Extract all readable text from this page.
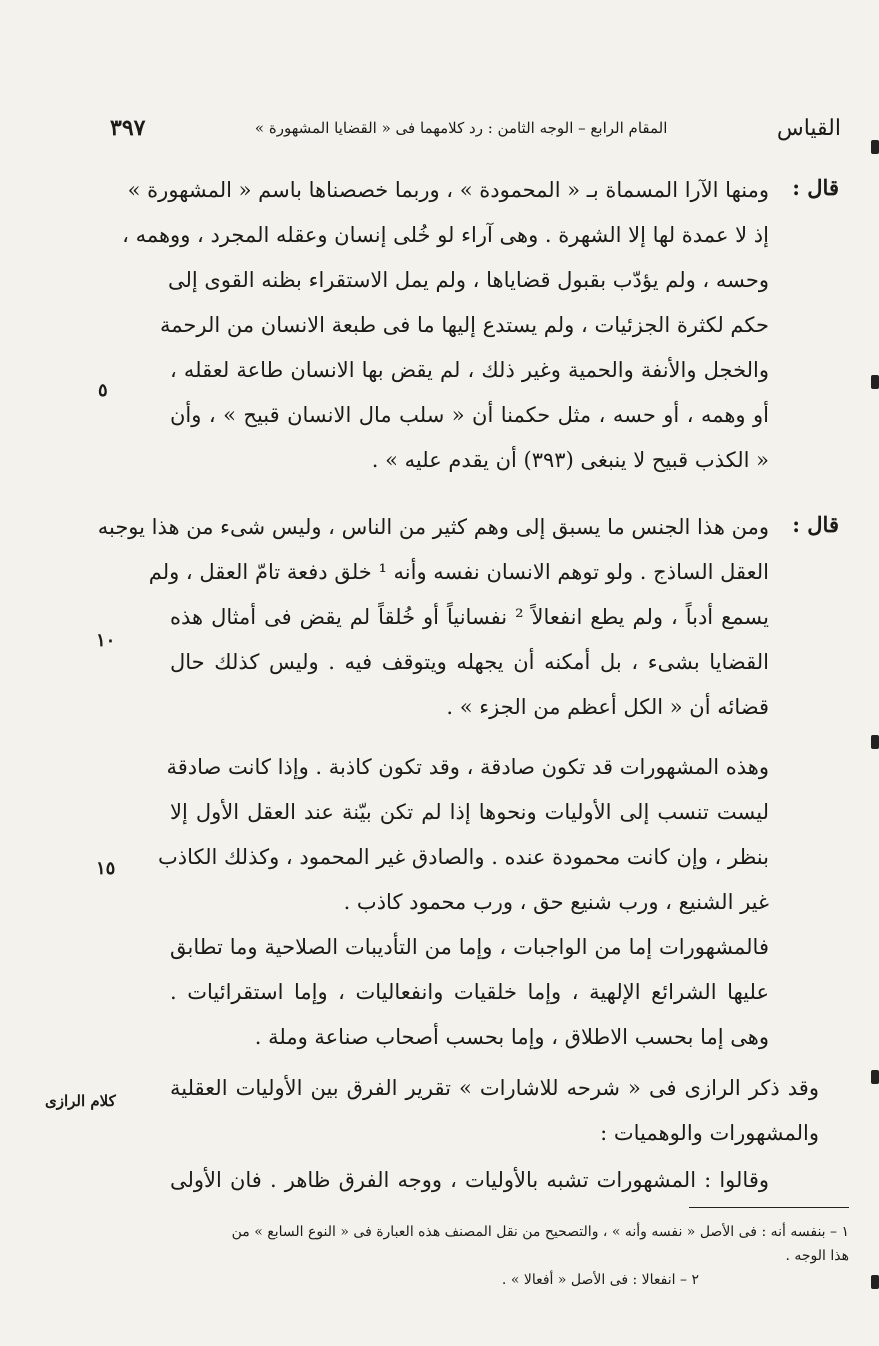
٣٩٧	المقام الرابع – الوجه الثامن : رد كلامهما فى « القضايا المشهورة »	القياس
قال :
ومنها الآرا المسماة بـ « المحمودة » ، وربما خصصناها باسم « المشهورة »
إذ لا عمدة لها إلا الشهرة . وهى آراء لو خُلى إنسان وعقله المجرد ، ووهمه ،
وحسه ، ولم يؤدّب بقبول قضاياها ، ولم يمل الاستقراء بظنه القوى إلى
حكم لكثرة الجزئيات ، ولم يستدع إليها ما فى طبعة الانسان من الرحمة
والخجل والأنفة والحمية وغير ذلك ، لم يقض بها الانسان طاعة لعقله ،
أو وهمه ، أو حسه ، مثل حكمنا أن « سلب مال الانسان قبيح » ، وأن
« الكذب قبيح لا ينبغى (٣٩٣) أن يقدم عليه » .
قال :
ومن هذا الجنس ما يسبق إلى وهم كثير من الناس ، وليس شىء من هذا يوجبه
العقل الساذج . ولو توهم الانسان نفسه وأنه ¹ خلق دفعة تامّ العقل ، ولم
يسمع أدباً ، ولم يطع انفعالاً ² نفسانياً أو خُلقاً لم يقض فى أمثال هذه
القضايا بشىء ، بل أمكنه أن يجهله ويتوقف فيه . وليس كذلك حال
قضائه أن « الكل أعظم من الجزء » .
وهذه المشهورات قد تكون صادقة ، وقد تكون كاذبة . وإذا كانت صادقة
ليست تنسب إلى الأوليات ونحوها إذا لم تكن بيّنة عند العقل الأول إلا
بنظر ، وإن كانت محمودة عنده . والصادق غير المحمود ، وكذلك الكاذب
غير الشنيع ، ورب شنيع حق ، ورب محمود كاذب .
فالمشهورات إما من الواجبات ، وإما من التأديبات الصلاحية وما تطابق
عليها الشرائع الإلهية ، وإما خلقيات وانفعاليات ، وإما استقرائيات .
وهى إما بحسب الاطلاق ، وإما بحسب أصحاب صناعة وملة .
كلام الرازى
وقد ذكر الرازى فى « شرحه للاشارات » تقرير الفرق بين الأوليات العقلية
والمشهورات والوهميات :
وقالوا : المشهورات تشبه بالأوليات ، ووجه الفرق ظاهر . فان الأولى
٥
١٠
١٥
١ – بنفسه أنه : فى الأصل « نفسه وأنه » ، والتصحيح من نقل المصنف هذه العبارة فى « النوع السابع » من
هذا الوجه .
٢ – انفعالا : فى الأصل « أفعالا » .
